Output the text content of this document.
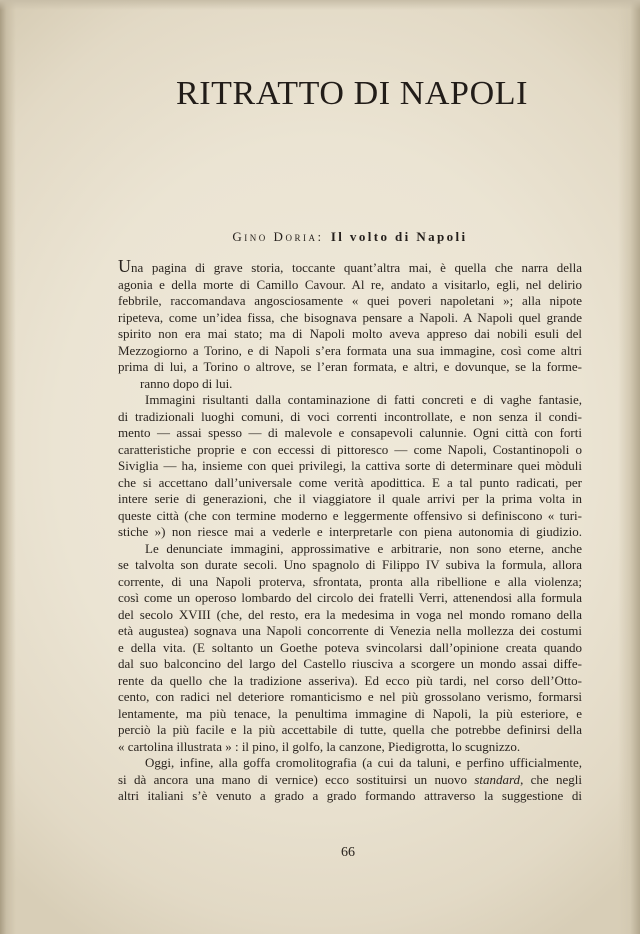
RITRATTO DI NAPOLI
Gino Doria: Il volto di Napoli
Una pagina di grave storia, toccante quant’altra mai, è quella che narra della
agonia e della morte di Camillo Cavour. Al re, andato a visitarlo, egli, nel delirio
febbrile, raccomandava angosciosamente « quei poveri napoletani »; alla nipote
ripeteva, come un’idea fissa, che bisognava pensare a Napoli. A Napoli quel grande
spirito non era mai stato; ma di Napoli molto aveva appreso dai nobili esuli del
Mezzogiorno a Torino, e di Napoli s’era formata una sua immagine, così come altri
prima di lui, a Torino o altrove, se l’eran formata, e altri, e dovunque, se la forme-
ranno dopo di lui.
Immagini risultanti dalla contaminazione di fatti concreti e di vaghe fantasie,
di tradizionali luoghi comuni, di voci correnti incontrollate, e non senza il condi-
mento — assai spesso — di malevole e consapevoli calunnie. Ogni città con forti
caratteristiche proprie e con eccessi di pittoresco — come Napoli, Costantinopoli o
Siviglia — ha, insieme con quei privilegi, la cattiva sorte di determinare quei mòduli
che si accettano dall’universale come verità apodittica. E a tal punto radicati, per
intere serie di generazioni, che il viaggiatore il quale arrivi per la prima volta in
queste città (che con termine moderno e leggermente offensivo si definiscono « turi-
stiche ») non riesce mai a vederle e interpretarle con piena autonomia di giudizio.
Le denunciate immagini, approssimative e arbitrarie, non sono eterne, anche
se talvolta son durate secoli. Uno spagnolo di Filippo IV subiva la formula, allora
corrente, di una Napoli proterva, sfrontata, pronta alla ribellione e alla violenza;
così come un operoso lombardo del circolo dei fratelli Verri, attenendosi alla formula
del secolo XVIII (che, del resto, era la medesima in voga nel mondo romano della
età augustea) sognava una Napoli concorrente di Venezia nella mollezza dei costumi
e della vita. (E soltanto un Goethe poteva svincolarsi dall’opinione creata quando
dal suo balconcino del largo del Castello riusciva a scorgere un mondo assai diffe-
rente da quello che la tradizione asseriva). Ed ecco più tardi, nel corso dell’Otto-
cento, con radici nel deteriore romanticismo e nel più grossolano verismo, formarsi
lentamente, ma più tenace, la penultima immagine di Napoli, la più esteriore, e
perciò la più facile e la più accettabile di tutte, quella che potrebbe definirsi della
« cartolina illustrata » : il pino, il golfo, la canzone, Piedigrotta, lo scugnizzo.
Oggi, infine, alla goffa cromolitografia (a cui da taluni, e perfino ufficialmente,
si dà ancora una mano di vernice) ecco sostituirsi un nuovo standard, che negli
altri italiani s’è venuto a grado a grado formando attraverso la suggestione di
66
